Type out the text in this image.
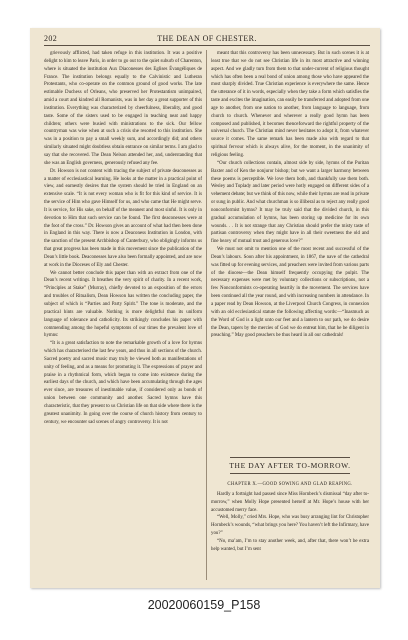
202	THE DEAN OF CHESTER.

grievously afflicted, had taken refuge in this institution. It was a positive delight to him to leave Paris, in order to go out to the quiet suburb of Charenton, where is situated the institution Aux Diaconesses des Eglises Évangéliques de France. The institution belongs equally to the Calvinistic and Lutheran Protestants, who co-operate on the common ground of good works. The late estimable Duchess of Orleans, who preserved her Protestantism unimpaired, amid a court and kindred all Romanists, was in her day a great supporter of this institution. Everything was characterized by cheerfulness, liberality, and good taste. Some of the sisters used to be engaged in teaching neat and happy children; others were busied with ministrations to the sick. Our fellow countryman was wise when at such a crisis she resorted to this institution. She was in a position to pay a small weekly sum, and accordingly did; and others similarly situated might doubtless obtain entrance on similar terms. I am glad to say that she recovered. The Dean Nelson attended her, and, understanding that she was an English governess, generously refused any fee.

Dr. Howson is not content with tracing the subject of private deaconesses as a matter of ecclesiastical learning. He looks at the matter in a practical point of view, and earnestly desires that the system should be tried in England on an extensive scale. “It is not every woman who is fit for this kind of service. It is the service of Him who gave Himself for us, and who came that He might serve. It is service, for His sake, on behalf of the meanest and most sinful. It is only in devotion to Him that such service can be found. The first deaconesses were at the foot of the cross.” Dr. Howson gives an account of what had then been done in England in this way. There is now a Deaconess Institution in London, with the sanction of the present Archbishop of Canterbury, who obligingly informs us that great progress has been made in this movement since the publication of the Dean’s little book. Deaconesses have also been formally appointed, and are now at work in the Dioceses of Ely and Chester.

We cannot better conclude this paper than with an extract from one of the Dean’s recent writings. It breathes the very spirit of charity. In a recent work, “Principles at Stake” (Murray), chiefly devoted to an exposition of the errors and troubles of Ritualism, Dean Howson has written the concluding paper, the subject of which is “Parties and Party Spirit.” The tone is moderate, and the practical hints are valuable. Nothing is more delightful than its uniform language of tolerance and catholicity. Its strikingly concludes his paper with commending among the hopeful symptoms of our times the prevalent love of hymns:

“It is a great satisfaction to note the remarkable growth of a love for hymns which has characterised the last few years, and thus in all sections of the church. Sacred poetry and sacred music may truly be viewed both as manifestations of unity of feeling, and as a means for promoting it. The expressions of prayer and praise in a rhythmical form, which began to come into existence during the earliest days of the church, and which have been accumulating through the ages ever since, are treasures of inestimable value, if considered only as bonds of union between one community and another. Sacred hymns have this characteristic, that they present to us Christian life on that side where there is the greatest unanimity. In going over the course of church history from century to century, we encounter sad scenes of angry controversy. It is not

meant that this controversy has been unnecessary. But in such scenes it is at least true that we do not see Christian life in its most attractive and winning aspect. And we gladly turn from them to that under-current of religious thought which has often been a real bond of union among those who have appeared the most sharply divided. True Christian experience is everywhere the same. Hence the utterance of it in words, especially when they take a form which satisfies the taste and excites the imagination, can easily be transferred and adopted from one age to another, from one nation to another, from language to language, from church to church. Whenever and wherever a really good hymn has been composed and published, it becomes thenceforward the rightful property of the universal church. The Christian mind never hesitates to adopt it, from whatever source it comes. The same remark has been made also with regard to that spiritual fervour which is always alive, for the moment, in the unanimity of religious feeling.

“Our church collections contain, almost side by side, hymns of the Puritan Baxter and of Ken the nonjuror bishop; but we want a larger harmony between these poems is perceptible. We love them both, and thankfully use them both. Wesley and Toplady and later period were hotly engaged on different sides of a vehement debate; but we think of this now, while their hymns are read in private or sung in public. And what churchman is so illiberal as to reject any really good nonconformist hymns? It may be truly said that the divided church, in this gradual accumulation of hymns, has been storing up medicine for its own wounds. . . It is not strange that any Christian should prefer the misty taste of partisan controversy when they might have in all their sweetness the old and fine heavy of mutual trust and generous love?”

We must not omit to mention one of the most recent and successful of the Dean’s labours. Soon after his appointment, in 1867, the nave of the cathedral was fitted up for evening services, and preachers were invited from various parts of the diocese—the Dean himself frequently occupying the pulpit. The necessary expenses were met by voluntary collections or subscriptions, not a few Nonconformists co-operating heartily in the movement. The services have been continued all the year round, and with increasing numbers in attendance. In a paper read by Dean Howson, at the Liverpool Church Congress, in connexion with an old ecclesiastical statute the following affecting words:—“Inasmuch as the Word of God is a light unto our feet and a lantern to our path, we do desire the Dean, tapers by the mercies of God we do entreat him, that he be diligent in preaching.” May good preachers be thus heard in all our cathedrals!

THE DAY AFTER TO-MORROW.
CHAPTER X.—GOOD SOWING AND GLAD REAPING.

Hardly a fortnight had passed since Miss Hornbeck’s dismissal “day after to-morrow,” when Molly Hope presented herself at Mr. Hope’s house with her accustomed merry face.

“Well, Molly,” cried Mrs. Hope, who was busy arranging lint for Christopher Hornbeck’s wounds, “what brings you here? You haven’t left the Infirmary, have you?”

“No, ma’am, I’m to stay another week, and, after that, there won’t be extra help wanted, but I’m sent

20020060159_P158
